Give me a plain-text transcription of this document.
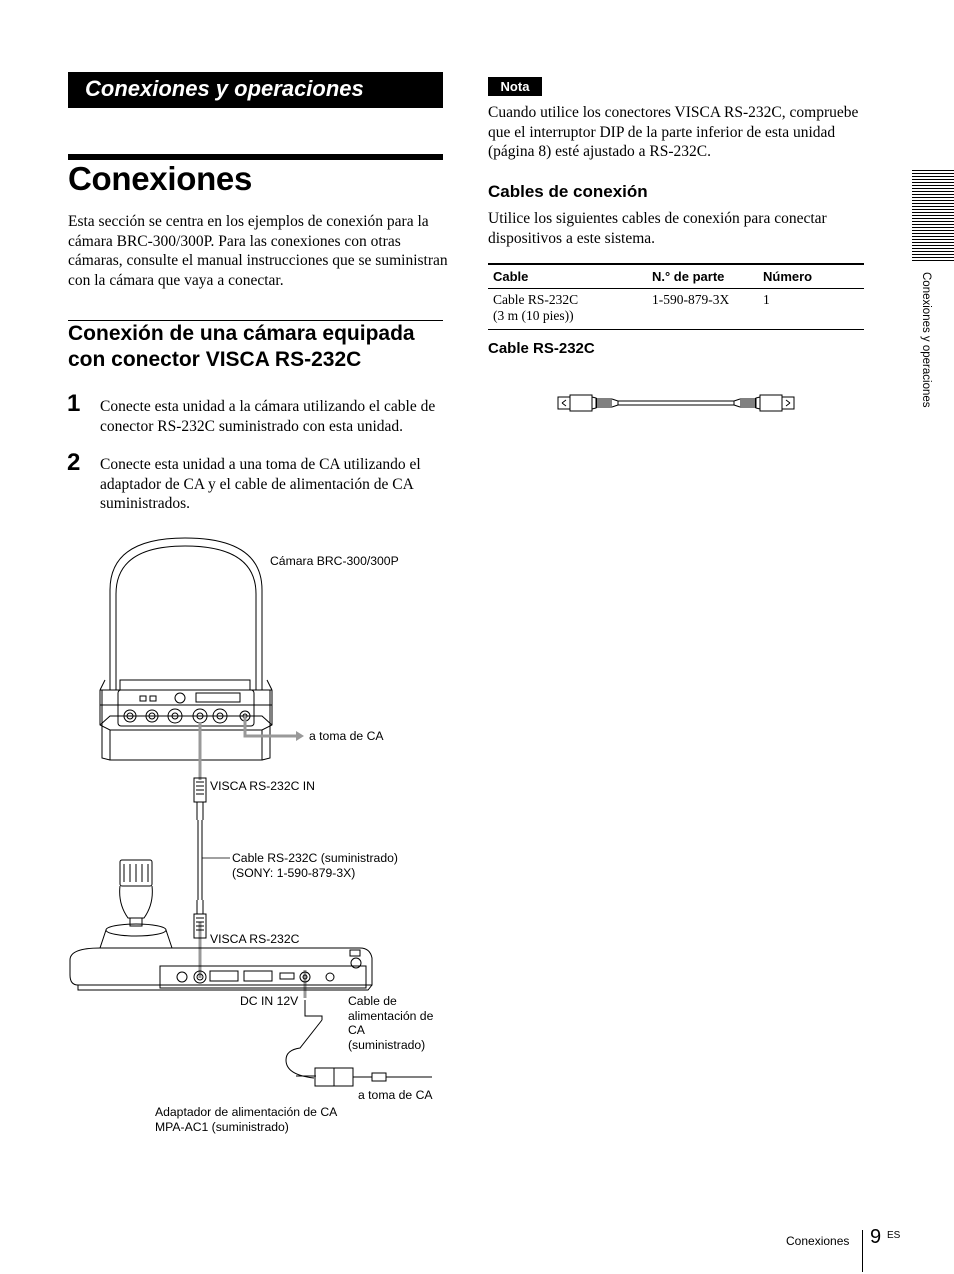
Conexiones y operaciones
Conexiones
Esta sección se centra en los ejemplos de conexión para la cámara BRC-300/300P. Para las conexiones con otras cámaras, consulte el manual instrucciones que se suministran con la cámara que vaya a conectar.
Conexión de una cámara equipada con conector VISCA RS-232C
1 Conecte esta unidad a la cámara utilizando el cable de conector RS-232C suministrado con esta unidad.
2 Conecte esta unidad a una toma de CA utilizando el adaptador de CA y el cable de alimentación de CA suministrados.
Nota
Cuando utilice los conectores VISCA RS-232C, compruebe que el interruptor DIP de la parte inferior de esta unidad (página 8) esté ajustado a RS-232C.
Cables de conexión
Utilice los siguientes cables de conexión para conectar dispositivos a este sistema.
Cable	N.° de parte	Número

Cable RS-232C
(3 m (10 pies))	1-590-879-3X	1
Cable RS-232C
Cámara BRC-300/300P
a toma de CA
VISCA RS-232C IN
Cable RS-232C (suministrado)
(SONY: 1-590-879-3X)
VISCA RS-232C
DC IN 12V	Cable de
alimentación de
CA
(suministrado)
a toma de CA
Adaptador de alimentación de CA
MPA-AC1 (suministrado)
Conexiones y operaciones
Conexiones 9 ES
